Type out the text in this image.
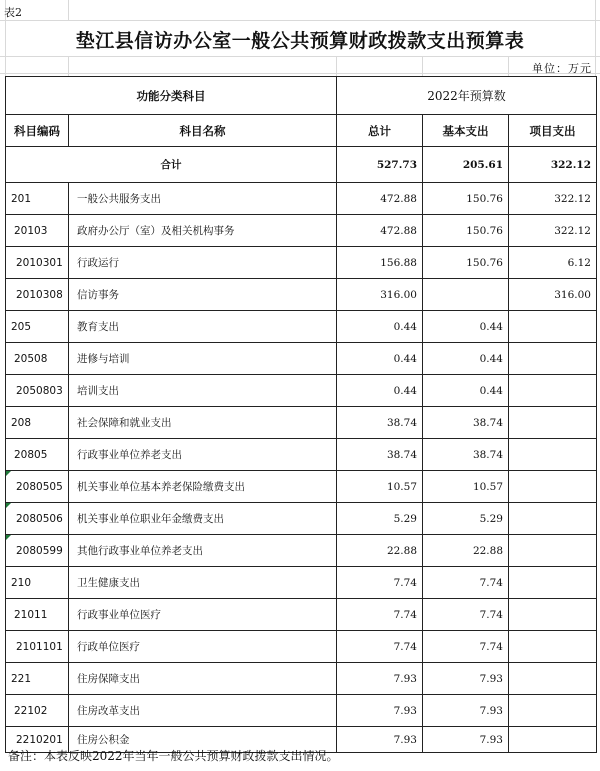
表2
垫江县信访办公室一般公共预算财政拨款支出预算表
单位：万元
功能分类科目		2022年预算数		
科目编码	科目名称	总计	基本支出	项目支出
合计		527.73	205.61	322.12
201	一般公共服务支出	472.88	150.76	322.12
20103	政府办公厅（室）及相关机构事务	472.88	150.76	322.12
2010301	行政运行	156.88	150.76	6.12
2010308	信访事务	316.00		316.00
205	教育支出	0.44	0.44	
20508	进修与培训	0.44	0.44	
2050803	培训支出	0.44	0.44	
208	社会保障和就业支出	38.74	38.74	
20805	行政事业单位养老支出	38.74	38.74	
2080505	机关事业单位基本养老保险缴费支出	10.57	10.57	
2080506	机关事业单位职业年金缴费支出	5.29	5.29	
2080599	其他行政事业单位养老支出	22.88	22.88	
210	卫生健康支出	7.74	7.74	
21011	行政事业单位医疗	7.74	7.74	
2101101	行政单位医疗	7.74	7.74	
221	住房保障支出	7.93	7.93	
22102	住房改革支出	7.93	7.93	
2210201	住房公积金	7.93	7.93	
备注：本表反映2022年当年一般公共预算财政拨款支出情况。
